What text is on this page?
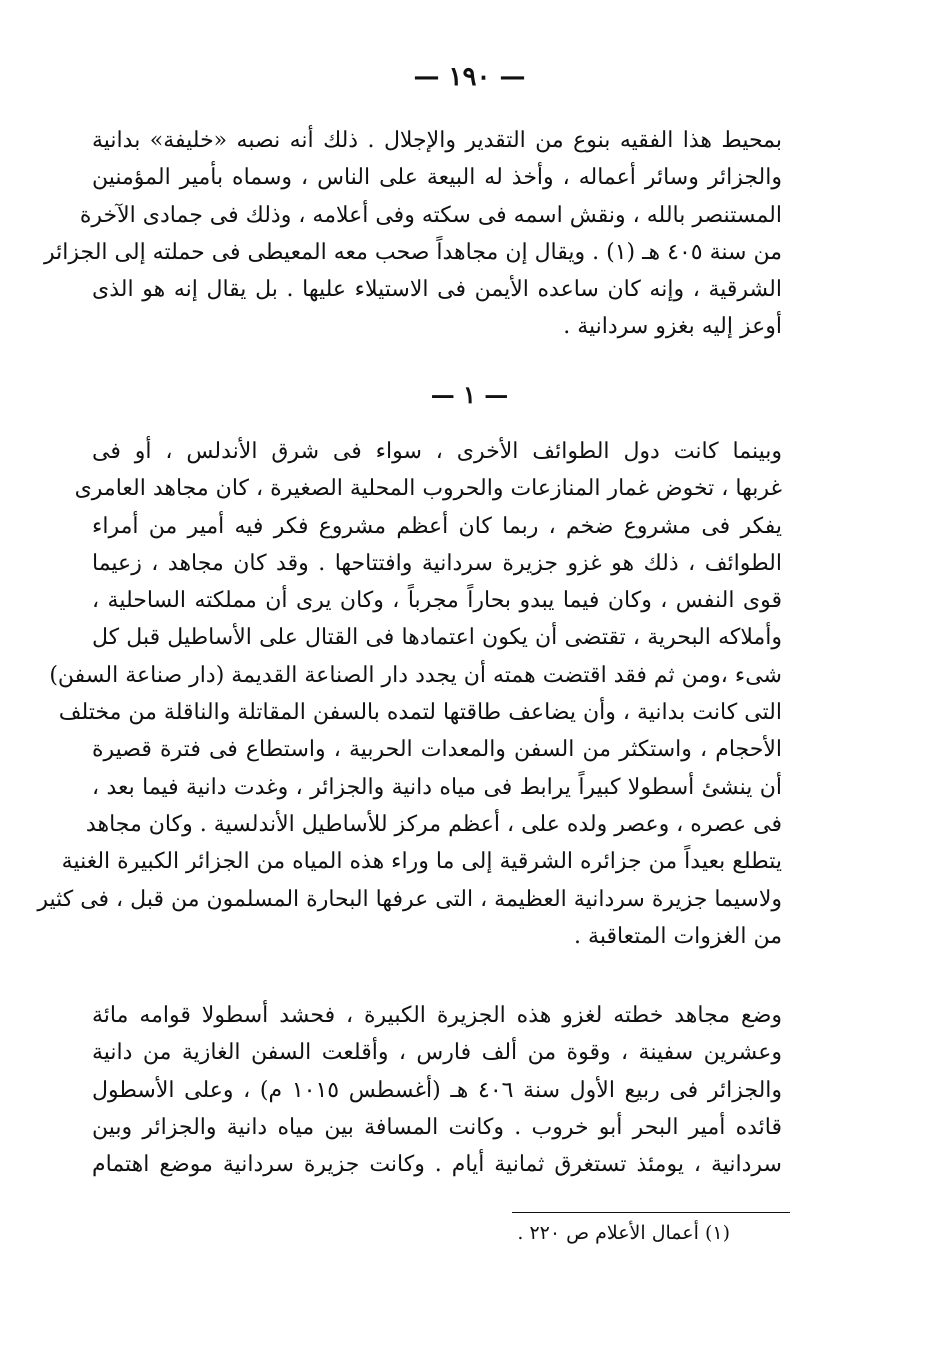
— ١٩٠ —
بمحيط هذا الفقيه بنوع من التقدير والإجلال . ذلك أنه نصبه «خليفة» بدانية
والجزائر وسائر أعماله ، وأخذ له البيعة على الناس ، وسماه بأمير المؤمنين
المستنصر بالله ، ونقش اسمه فى سكته وفى أعلامه ، وذلك فى جمادى الآخرة
من سنة ٤٠٥ هـ (١) . ويقال إن مجاهداً صحب معه المعيطى فى حملته إلى الجزائر
الشرقية ، وإنه كان ساعده الأيمن فى الاستيلاء عليها . بل يقال إنه هو الذى
أوعز إليه بغزو سردانية .
— ١ —
وبينما كانت دول الطوائف الأخرى ، سواء فى شرق الأندلس ، أو فى
غربها ، تخوض غمار المنازعات والحروب المحلية الصغيرة ، كان مجاهد العامرى
يفكر فى مشروع ضخم ، ربما كان أعظم مشروع فكر فيه أمير من أمراء
الطوائف ، ذلك هو غزو جزيرة سردانية وافتتاحها . وقد كان مجاهد ، زعيما
قوى النفس ، وكان فيما يبدو بحاراً مجرباً ، وكان يرى أن مملكته الساحلية ،
وأملاكه البحرية ، تقتضى أن يكون اعتمادها فى القتال على الأساطيل قبل كل
شىء ،ومن ثم فقد اقتضت همته أن يجدد دار الصناعة القديمة (دار صناعة السفن)
التى كانت بدانية ، وأن يضاعف طاقتها لتمده بالسفن المقاتلة والناقلة من مختلف
الأحجام ، واستكثر من السفن والمعدات الحربية ، واستطاع فى فترة قصيرة
أن ينشئ أسطولا كبيراً يرابط فى مياه دانية والجزائر ، وغدت دانية فيما بعد ،
فى عصره ، وعصر ولده على ، أعظم مركز للأساطيل الأندلسية . وكان مجاهد
يتطلع بعيداً من جزائره الشرقية إلى ما وراء هذه المياه من الجزائر الكبيرة الغنية
ولاسيما جزيرة سردانية العظيمة ، التى عرفها البحارة المسلمون من قبل ، فى كثير
من الغزوات المتعاقبة .
وضع مجاهد خطته لغزو هذه الجزيرة الكبيرة ، فحشد أسطولا قوامه مائة
وعشرين سفينة ، وقوة من ألف فارس ، وأقلعت السفن الغازية من دانية
والجزائر فى ربيع الأول سنة ٤٠٦ هـ (أغسطس ١٠١٥ م) ، وعلى الأسطول
قائده أمير البحر أبو خروب . وكانت المسافة بين مياه دانية والجزائر وبين
سردانية ، يومئذ تستغرق ثمانية أيام . وكانت جزيرة سردانية موضع اهتمام
(١) أعمال الأعلام ص ٢٢٠ .
